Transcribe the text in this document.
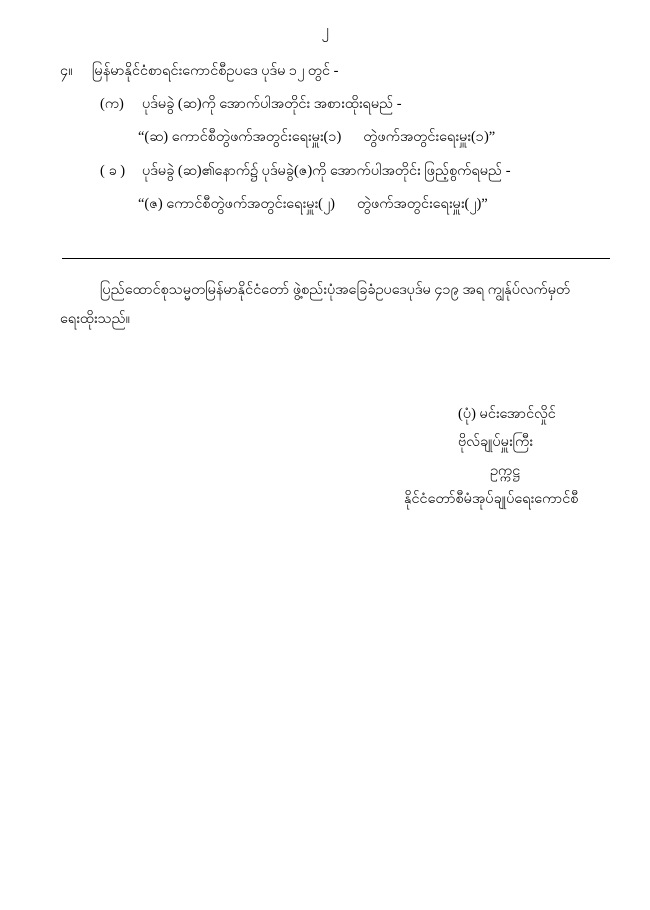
၂
၄။	မြန်မာနိုင်ငံစာရင်းကောင်စီဥပဒေ ပုဒ်မ ၁၂ တွင် -
(က)	ပုဒ်မခွဲ (ဆ)ကို အောက်ပါအတိုင်း အစားထိုးရမည် -
“(ဆ) ကောင်စီတွဲဖက်အတွင်းရေးမှူး(၁) တွဲဖက်အတွင်းရေးမှူး(၁)”
( ခ )	ပုဒ်မခွဲ (ဆ)၏နောက်၌ ပုဒ်မခွဲ(ဇ)ကို အောက်ပါအတိုင်း ဖြည့်စွက်ရမည် -
“(ဇ) ကောင်စီတွဲဖက်အတွင်းရေးမှူး(၂) တွဲဖက်အတွင်းရေးမှူး(၂)”
ပြည်ထောင်စုသမ္မတမြန်မာနိုင်ငံတော် ဖွဲ့စည်းပုံအခြေခံဥပဒေပုဒ်မ ၄၁၉ အရ ကျွန်ုပ်လက်မှတ်
ရေးထိုးသည်။
(ပုံ) မင်းအောင်လှိုင်
ဗိုလ်ချုပ်မှူးကြီး
ဥက္ကဋ္ဌ
နိုင်ငံတော်စီမံအုပ်ချုပ်ရေးကောင်စီ
